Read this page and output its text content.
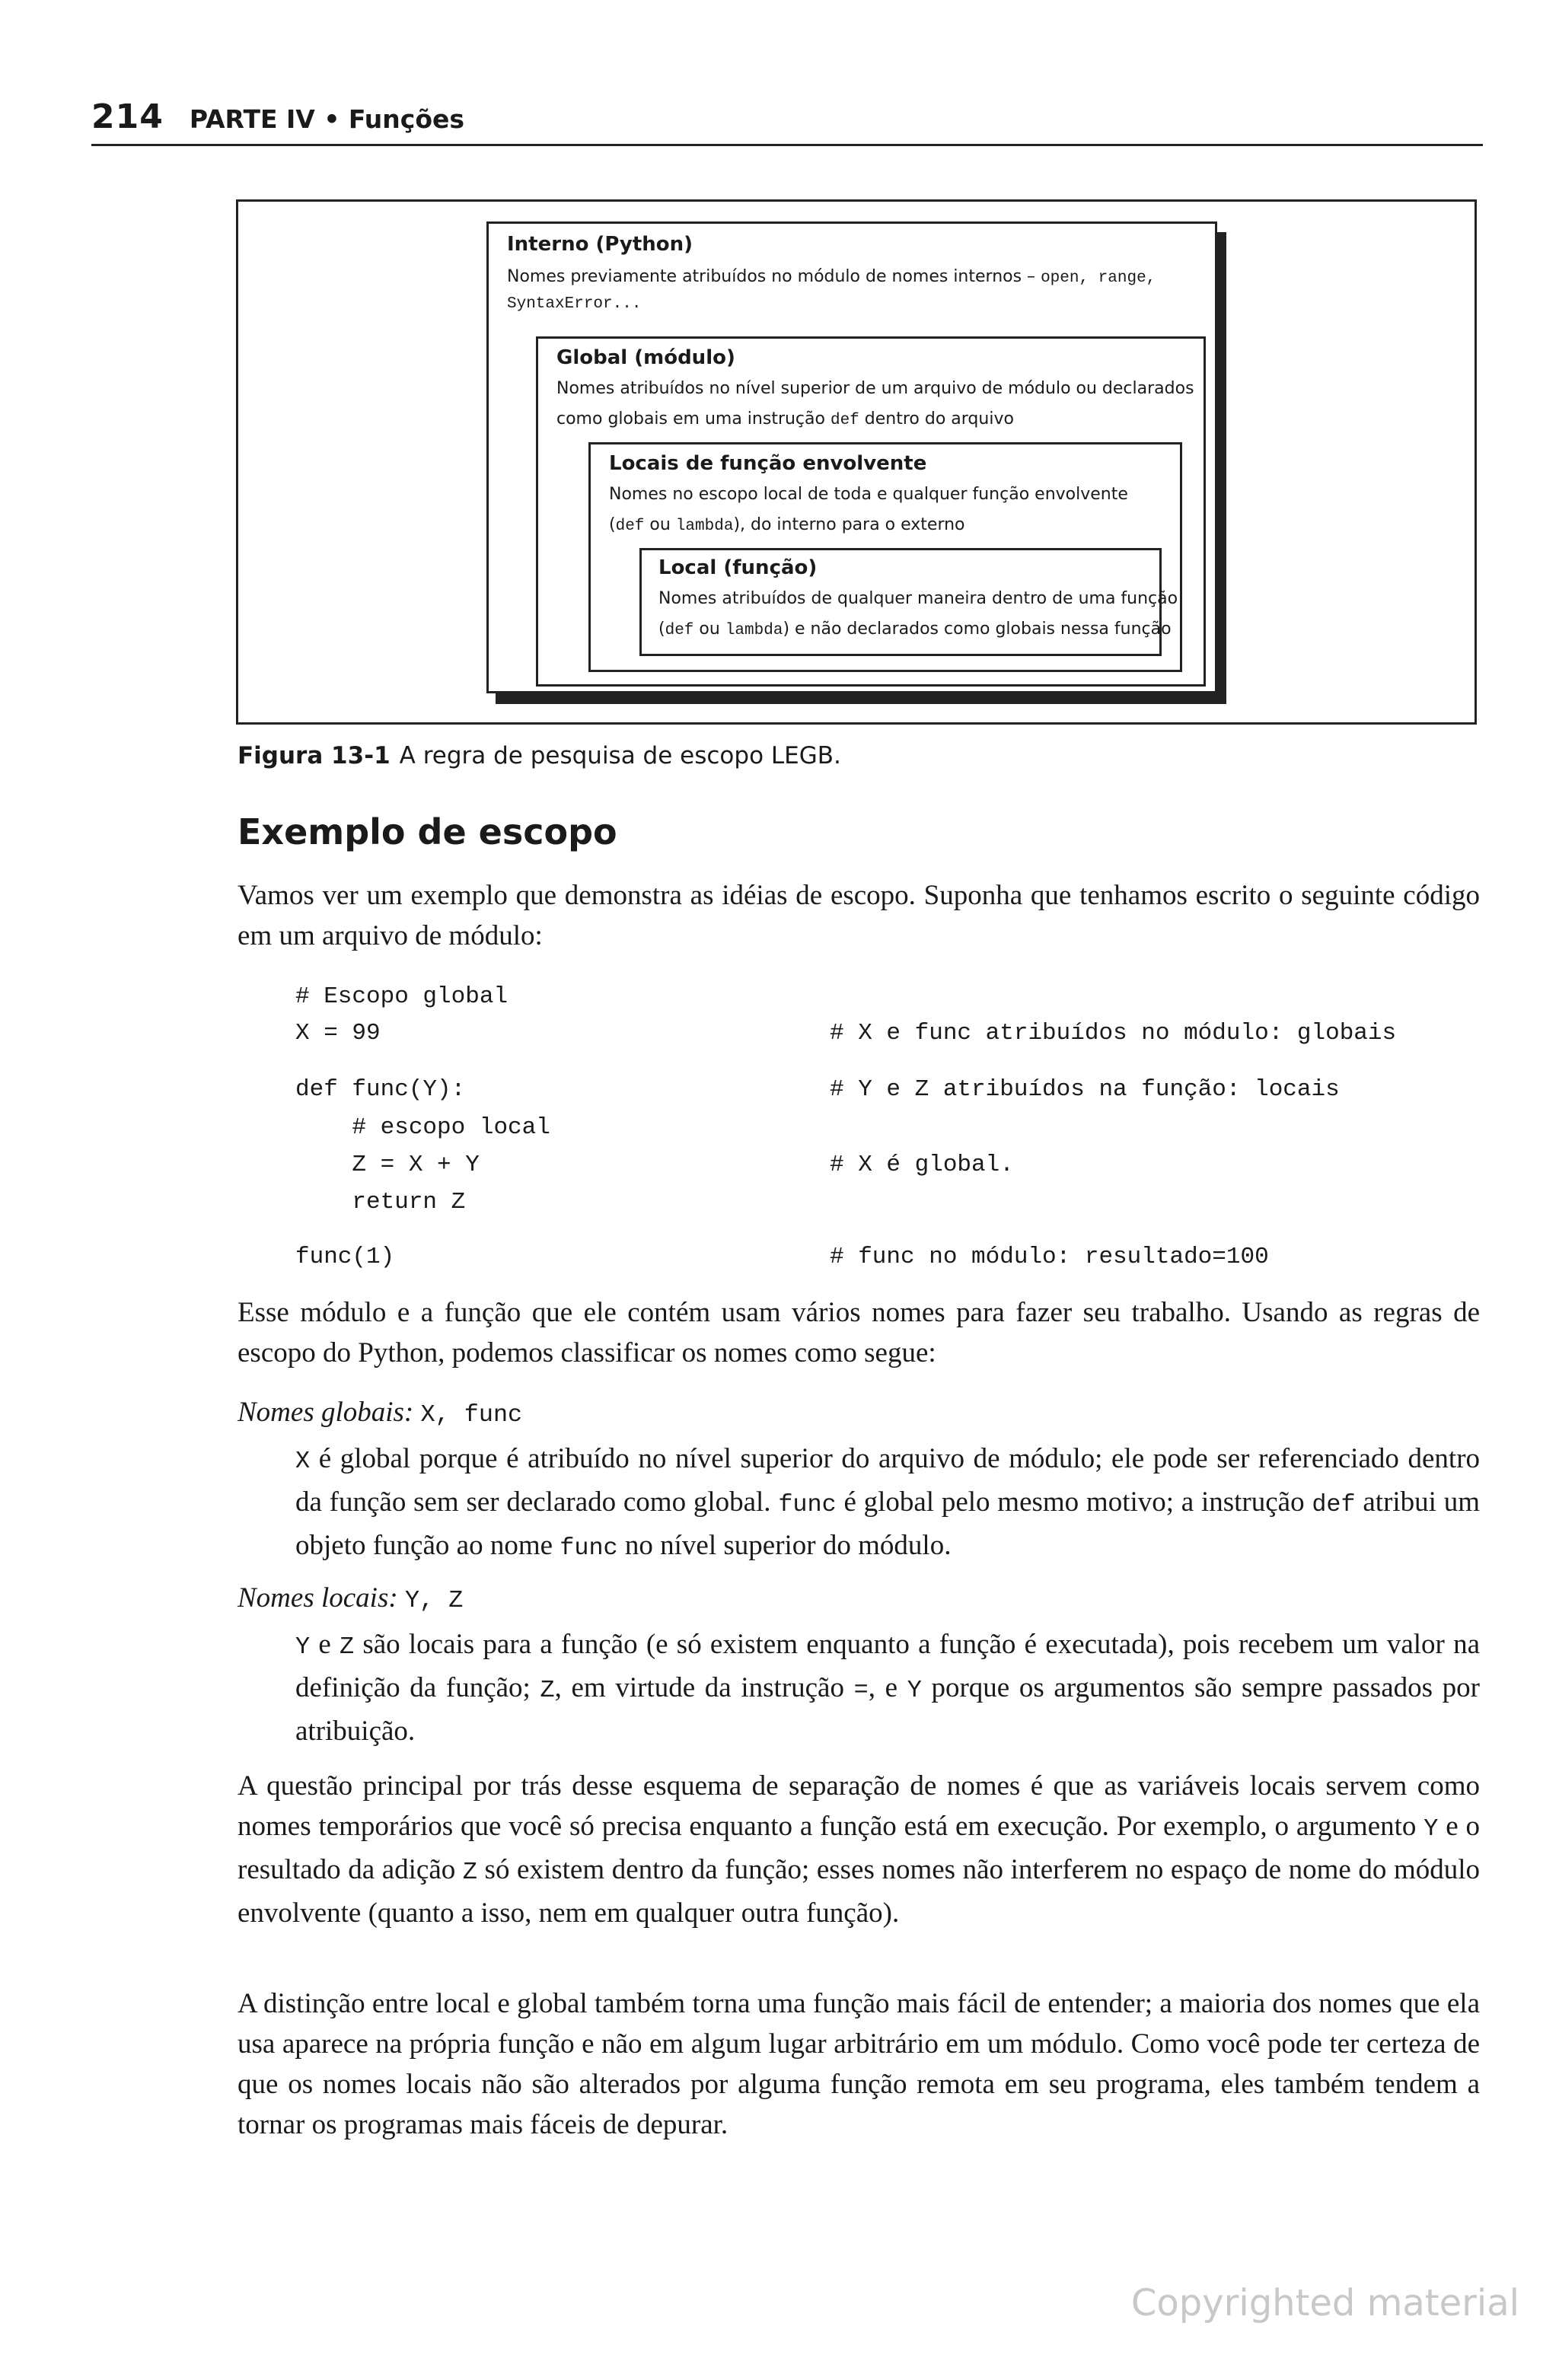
214 PARTE IV • Funções
Interno (Python)
Nomes previamente atribuídos no módulo de nomes internos – open, range,
SyntaxError...
Global (módulo)
Nomes atribuídos no nível superior de um arquivo de módulo ou declarados
como globais em uma instrução def dentro do arquivo
Locais de função envolvente
Nomes no escopo local de toda e qualquer função envolvente
(def ou lambda), do interno para o externo
Local (função)
Nomes atribuídos de qualquer maneira dentro de uma função
(def ou lambda) e não declarados como globais nessa função
Figura 13-1 A regra de pesquisa de escopo LEGB.
Exemplo de escopo

Vamos ver um exemplo que demonstra as idéias de escopo. Suponha que tenhamos escrito o seguinte código em um arquivo de módulo:

# Escopo global
X = 99	# X e func atribuídos no módulo: globais
def func(Y):	# Y e Z atribuídos na função: locais
# escopo local
Z = X + Y	# X é global.
return Z
func(1)	# func no módulo: resultado=100

Esse módulo e a função que ele contém usam vários nomes para fazer seu trabalho. Usando as regras de escopo do Python, podemos classificar os nomes como segue:

Nomes globais: X, func

X é global porque é atribuído no nível superior do arquivo de módulo; ele pode ser referenciado dentro da função sem ser declarado como global. func é global pelo mesmo motivo; a instrução def atribui um objeto função ao nome func no nível superior do módulo.

Nomes locais: Y, Z

Y e Z são locais para a função (e só existem enquanto a função é executada), pois recebem um valor na definição da função; Z, em virtude da instrução =, e Y porque os argumentos são sempre passados por atribuição.

A questão principal por trás desse esquema de separação de nomes é que as variáveis locais servem como nomes temporários que você só precisa enquanto a função está em execução. Por exemplo, o argumento Y e o resultado da adição Z só existem dentro da função; esses nomes não interferem no espaço de nome do módulo envolvente (quanto a isso, nem em qualquer outra função).

A distinção entre local e global também torna uma função mais fácil de entender; a maioria dos nomes que ela usa aparece na própria função e não em algum lugar arbitrário em um módulo. Como você pode ter certeza de que os nomes locais não são alterados por alguma função remota em seu programa, eles também tendem a tornar os programas mais fáceis de depurar.

Copyrighted material
